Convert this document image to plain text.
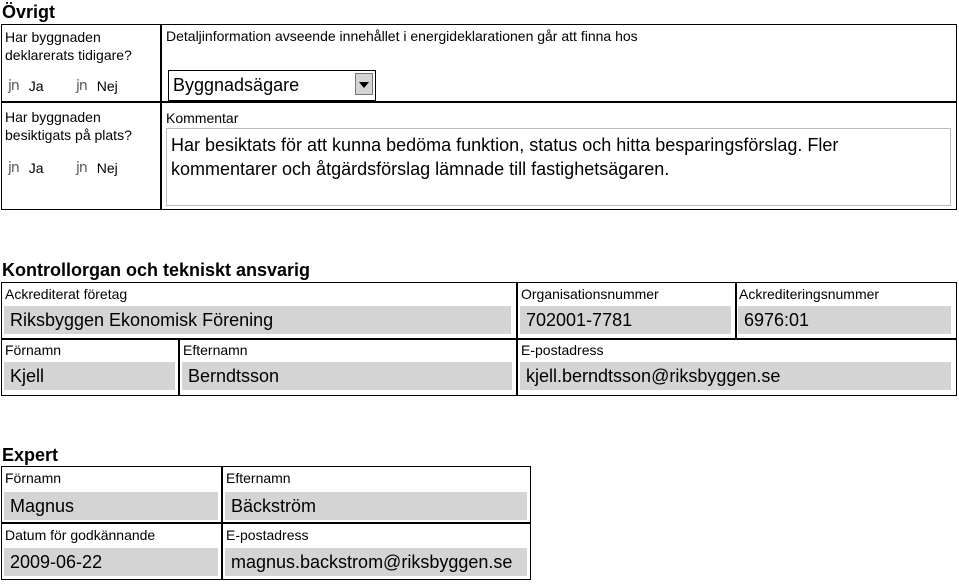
Övrigt
Har byggnaden
deklarerats tidigare?
jn Ja jn Nej
Har byggnaden
besiktigats på plats?
jn Ja jn Nej
Detaljinformation avseende innehållet i energideklarationen går att finna hos
Byggnadsägare
Kommentar
Har besiktats för att kunna bedöma funktion, status och hitta besparingsförslag. Fler kommentarer och åtgärdsförslag lämnade till fastighetsägaren.
Kontrollorgan och tekniskt ansvarig
Ackrediterat företag
Riksbyggen Ekonomisk Förening
Organisationsnummer
702001-7781
Ackrediteringsnummer
6976:01
Förnamn
Kjell
Efternamn
Berndtsson
E-postadress
kjell.berndtsson@riksbyggen.se
Expert
Förnamn
Magnus
Efternamn
Bäckström
Datum för godkännande
2009-06-22
E-postadress
magnus.backstrom@riksbyggen.se
